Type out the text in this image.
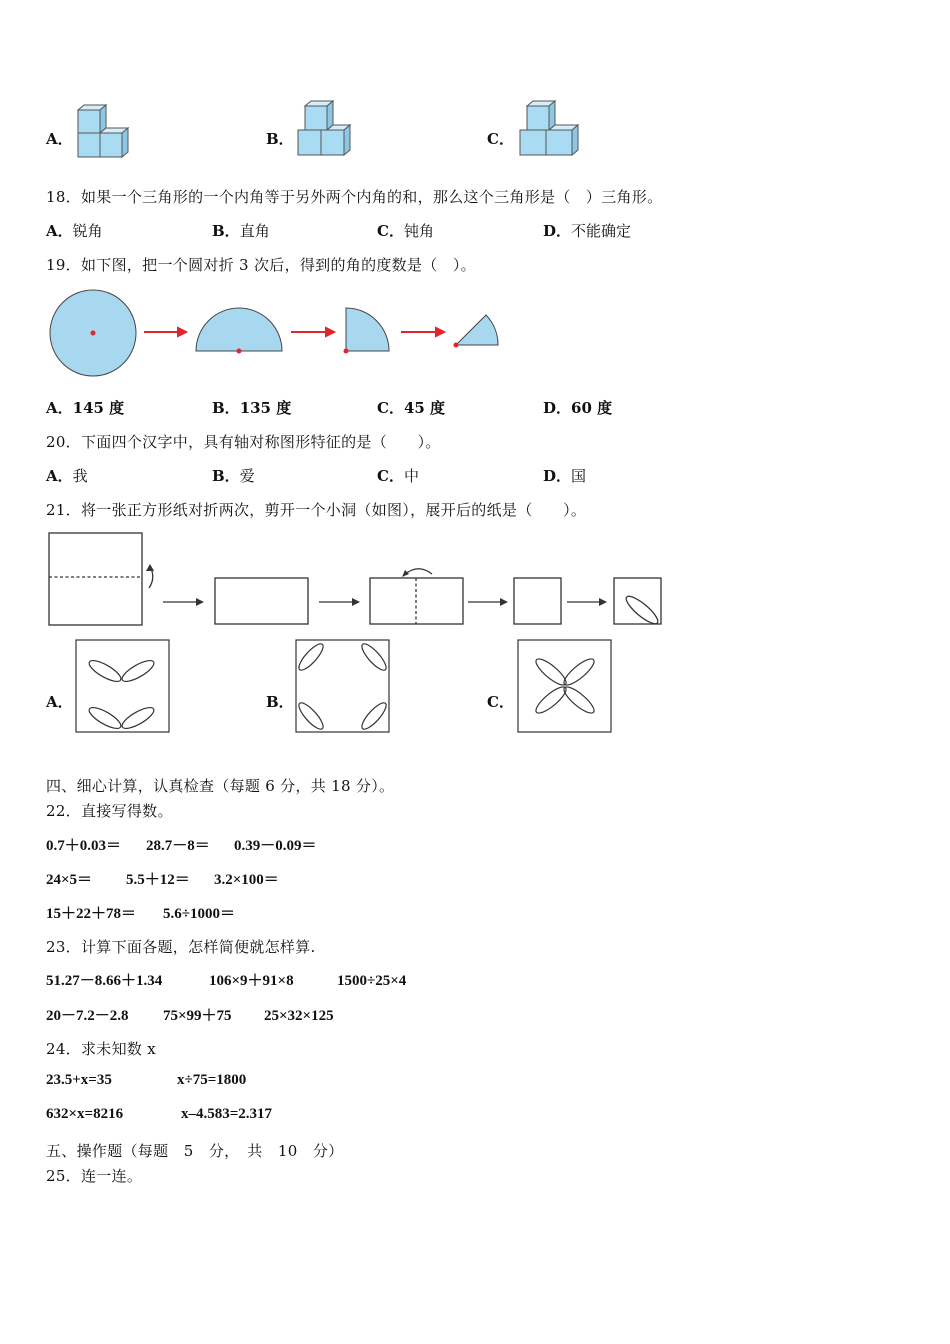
A．	B．	C．
18．如果一个三角形的一个内角等于另外两个内角的和，那么这个三角形是（　）三角形。
A．锐角	B．直角	C．钝角	D．不能确定
19．如下图，把一个圆对折 3 次后，得到的角的度数是（　）。
A．145 度	B．135 度	C．45 度	D．60 度
20．下面四个汉字中，具有轴对称图形特征的是（　　）。
A．我	B．爱	C．中	D．国
21．将一张正方形纸对折两次，剪开一个小洞（如图），展开后的纸是（　　）。
A．	B．	C．
四、细心计算，认真检查（每题 6 分，共 18 分）。
22．直接写得数。
0.7＋0.03＝ 28.7－8＝ 0.39－0.09＝
24×5＝ 5.5＋12＝ 3.2×100＝
15＋22＋78＝ 5.6÷1000＝
23．计算下面各题，怎样简便就怎样算.
51.27－8.66＋1.34	106×9＋91×8	1500÷25×4
20－7.2－2.8 75×99＋75 25×32×125
24．求未知数 x
23.5+x=35	x÷75=1800
632×x=8216	x–4.583=2.317
五、操作题（每题　5　分，　共　10　分）
25．连一连。
